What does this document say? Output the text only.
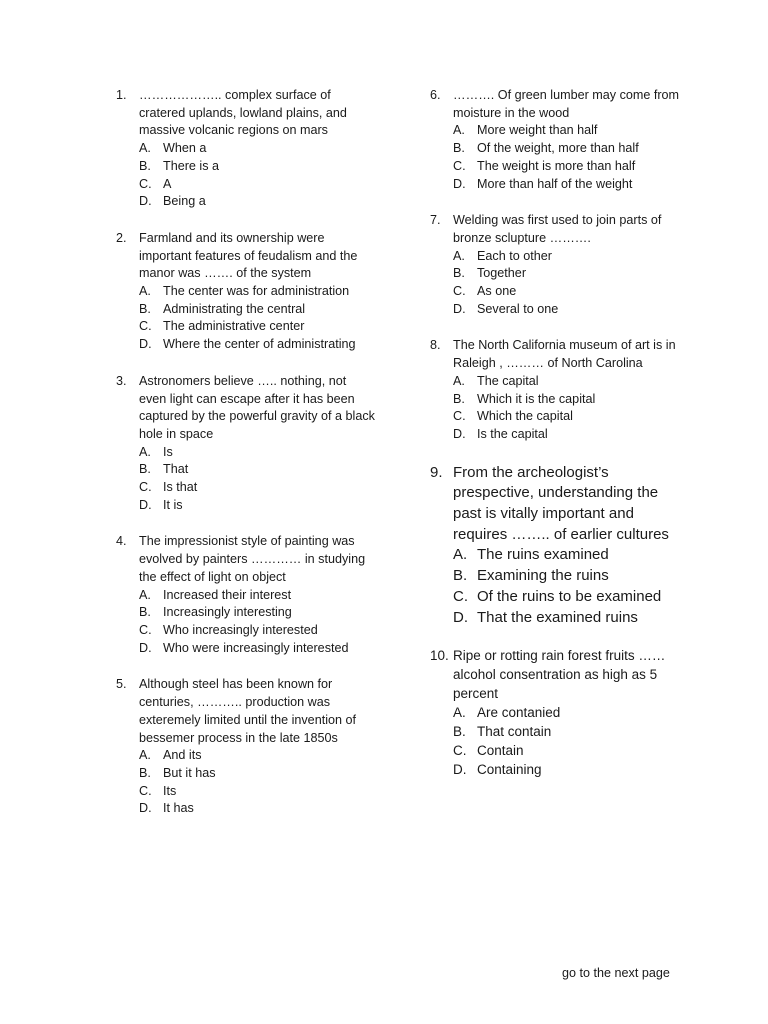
1. ……………….. complex surface of cratered uplands, lowland plains, and massive volcanic regions on mars
A. When a
B. There is a
C. A
D. Being a
2. Farmland and its ownership were important features of feudalism and the manor was ……. of the system
A. The center was for administration
B. Administrating the central
C. The administrative center
D. Where the center of administrating
3. Astronomers believe ….. nothing, not even light can escape after it has been captured by the powerful gravity of a black hole in space
A. Is
B. That
C. Is that
D. It is
4. The impressionist style of painting was evolved by painters ………… in studying the effect of light on object
A. Increased their interest
B. Increasingly interesting
C. Who increasingly interested
D. Who were increasingly interested
5. Although steel has been known for centuries, ……….. production was exteremely limited until the invention of bessemer process in the late 1850s
A. And its
B. But it has
C. Its
D. It has
6. ………. Of green lumber may come from moisture in the wood
A. More weight than half
B. Of the weight, more than half
C. The weight is more than half
D. More than half of the weight
7. Welding was first used to join parts of bronze sclupture ……….
A. Each to other
B. Together
C. As one
D. Several to one
8. The North California museum of art is in Raleigh , ……… of North Carolina
A. The capital
B. Which it is the capital
C. Which the capital
D. Is the capital
9. From the archeologist’s prespective, understanding the past is vitally important and requires …….. of earlier cultures
A. The ruins examined
B. Examining the ruins
C. Of the ruins to be examined
D. That the examined ruins
10. Ripe or rotting rain forest fruits …… alcohol consentration as high as 5 percent
A. Are contanied
B. That contain
C. Contain
D. Containing
go to the next page
